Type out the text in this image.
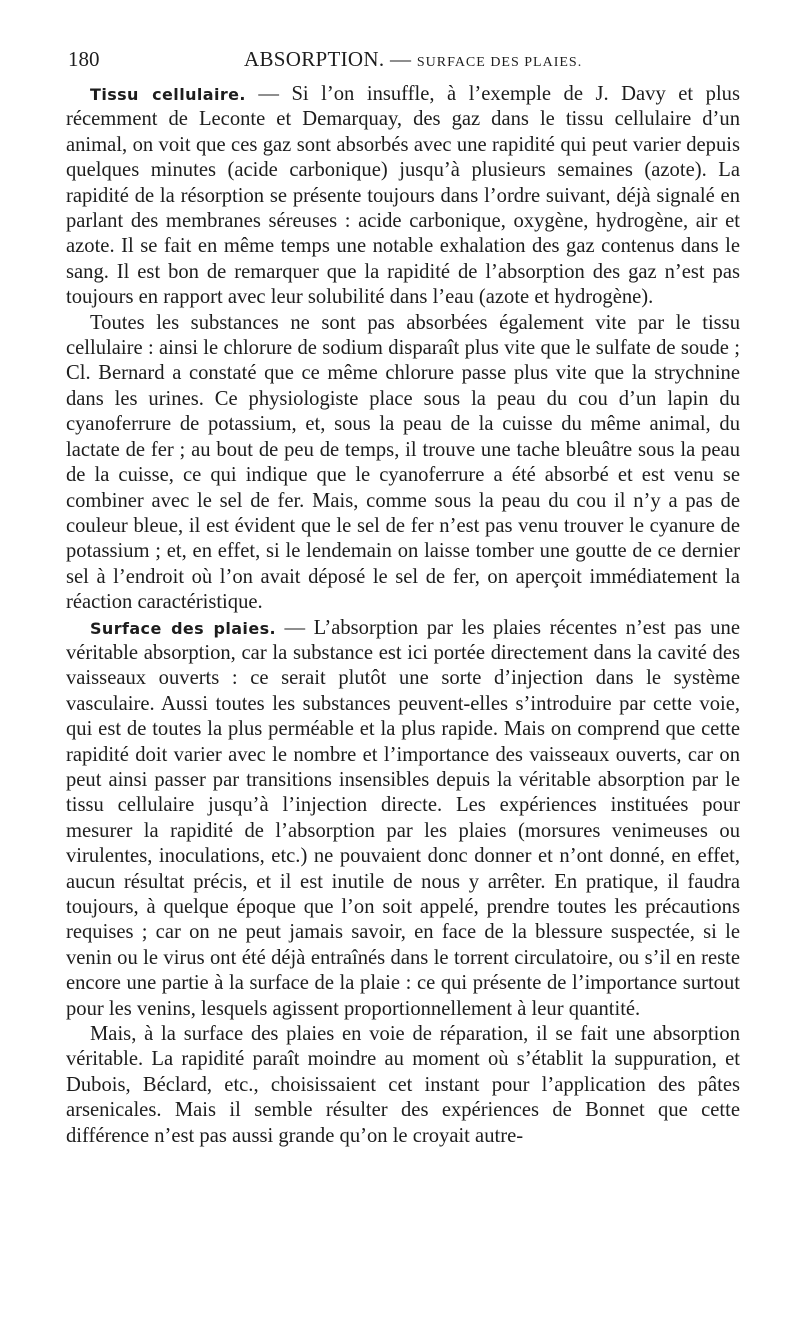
180	ABSORPTION. — SURFACE DES PLAIES.

Tissu cellulaire. — Si l’on insuffle, à l’exemple de J. Davy et plus récemment de Leconte et Demarquay, des gaz dans le tissu cellulaire d’un animal, on voit que ces gaz sont absorbés avec une rapidité qui peut varier depuis quelques minutes (acide carbonique) jusqu’à plusieurs semaines (azote). La rapidité de la résorption se présente toujours dans l’ordre suivant, déjà signalé en parlant des membranes séreuses : acide carbonique, oxygène, hydrogène, air et azote. Il se fait en même temps une notable exhalation des gaz contenus dans le sang. Il est bon de remarquer que la rapidité de l’absorption des gaz n’est pas toujours en rapport avec leur solubilité dans l’eau (azote et hydrogène).

Toutes les substances ne sont pas absorbées également vite par le tissu cellulaire : ainsi le chlorure de sodium disparaît plus vite que le sulfate de soude ; Cl. Bernard a constaté que ce même chlorure passe plus vite que la strychnine dans les urines. Ce physiologiste place sous la peau du cou d’un lapin du cyanoferrure de potassium, et, sous la peau de la cuisse du même animal, du lactate de fer ; au bout de peu de temps, il trouve une tache bleuâtre sous la peau de la cuisse, ce qui indique que le cyanoferrure a été absorbé et est venu se combiner avec le sel de fer. Mais, comme sous la peau du cou il n’y a pas de couleur bleue, il est évident que le sel de fer n’est pas venu trouver le cyanure de potassium ; et, en effet, si le lendemain on laisse tomber une goutte de ce dernier sel à l’endroit où l’on avait déposé le sel de fer, on aperçoit immédiatement la réaction caractéristique.

Surface des plaies. — L’absorption par les plaies récentes n’est pas une véritable absorption, car la substance est ici portée directement dans la cavité des vaisseaux ouverts : ce serait plutôt une sorte d’injection dans le système vasculaire. Aussi toutes les substances peuvent-elles s’introduire par cette voie, qui est de toutes la plus perméable et la plus rapide. Mais on comprend que cette rapidité doit varier avec le nombre et l’importance des vaisseaux ouverts, car on peut ainsi passer par transitions insensibles depuis la véritable absorption par le tissu cellulaire jusqu’à l’injection directe. Les expériences instituées pour mesurer la rapidité de l’absorption par les plaies (morsures venimeuses ou virulentes, inoculations, etc.) ne pouvaient donc donner et n’ont donné, en effet, aucun résultat précis, et il est inutile de nous y arrêter. En pratique, il faudra toujours, à quelque époque que l’on soit appelé, prendre toutes les précautions requises ; car on ne peut jamais savoir, en face de la blessure suspectée, si le venin ou le virus ont été déjà entraînés dans le torrent circulatoire, ou s’il en reste encore une partie à la surface de la plaie : ce qui présente de l’importance surtout pour les venins, lesquels agissent proportionnellement à leur quantité.

Mais, à la surface des plaies en voie de réparation, il se fait une absorption véritable. La rapidité paraît moindre au moment où s’établit la suppuration, et Dubois, Béclard, etc., choisissaient cet instant pour l’application des pâtes arsenicales. Mais il semble résulter des expériences de Bonnet que cette différence n’est pas aussi grande qu’on le croyait autre-
